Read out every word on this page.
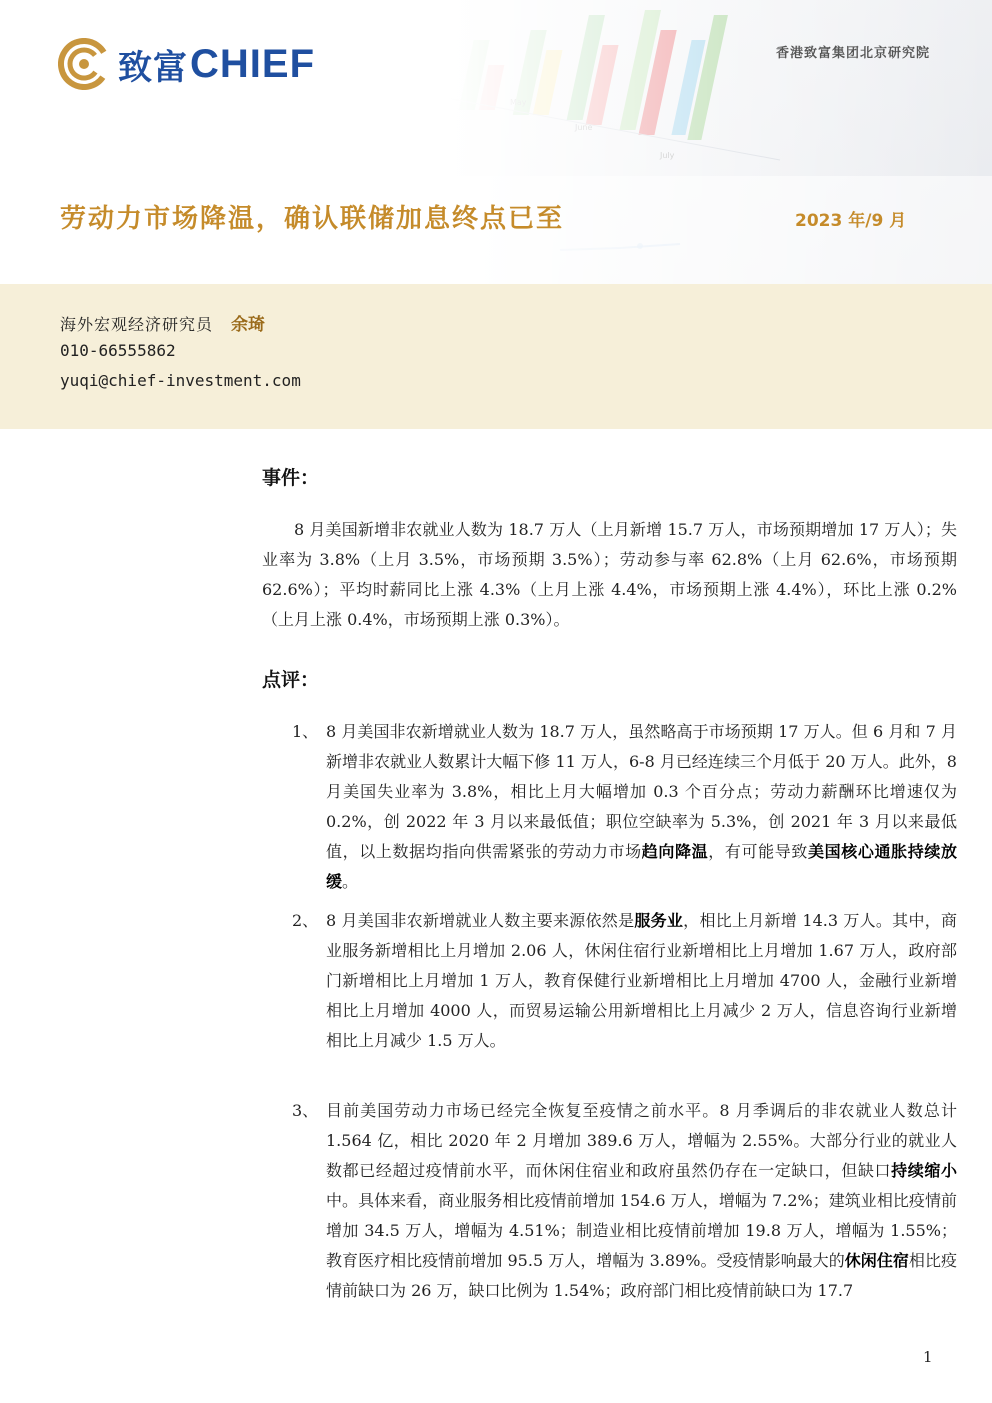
致富 CHIEF	香港致富集团北京研究院
劳动力市场降温，确认联储加息终点已至	2023 年/9 月
海外宏观经济研究员 余琦
010-66555862
yuqi@chief-investment.com
事件：

8 月美国新增非农就业人数为 18.7 万人（上月新增 15.7 万人，市场预期增加 17 万人）；失业率为 3.8%（上月 3.5%，市场预期 3.5%）；劳动参与率 62.8%（上月 62.6%，市场预期 62.6%）；平均时薪同比上涨 4.3%（上月上涨 4.4%，市场预期上涨 4.4%），环比上涨 0.2%（上月上涨 0.4%，市场预期上涨 0.3%）。

点评：
1、 8 月美国非农新增就业人数为 18.7 万人，虽然略高于市场预期 17 万人。但 6 月和 7 月新增非农就业人数累计大幅下修 11 万人，6-8 月已经连续三个月低于 20 万人。此外，8 月美国失业率为 3.8%，相比上月大幅增加 0.3 个百分点；劳动力薪酬环比增速仅为 0.2%，创 2022 年 3 月以来最低值；职位空缺率为 5.3%，创 2021 年 3 月以来最低值，以上数据均指向供需紧张的劳动力市场趋向降温，有可能导致美国核心通胀持续放缓。
2、 8 月美国非农新增就业人数主要来源依然是服务业，相比上月新增 14.3 万人。其中，商业服务新增相比上月增加 2.06 人，休闲住宿行业新增相比上月增加 1.67 万人，政府部门新增相比上月增加 1 万人，教育保健行业新增相比上月增加 4700 人，金融行业新增相比上月增加 4000 人，而贸易运输公用新增相比上月减少 2 万人，信息咨询行业新增相比上月减少 1.5 万人。
3、 目前美国劳动力市场已经完全恢复至疫情之前水平。8 月季调后的非农就业人数总计 1.564 亿，相比 2020 年 2 月增加 389.6 万人，增幅为 2.55%。大部分行业的就业人数都已经超过疫情前水平，而休闲住宿业和政府虽然仍存在一定缺口，但缺口持续缩小中。具体来看，商业服务相比疫情前增加 154.6 万人，增幅为 7.2%；建筑业相比疫情前增加 34.5 万人，增幅为 4.51%；制造业相比疫情前增加 19.8 万人，增幅为 1.55%；教育医疗相比疫情前增加 95.5 万人，增幅为 3.89%。受疫情影响最大的休闲住宿相比疫情前缺口为 26 万，缺口比例为 1.54%；政府部门相比疫情前缺口为 17.7
1
